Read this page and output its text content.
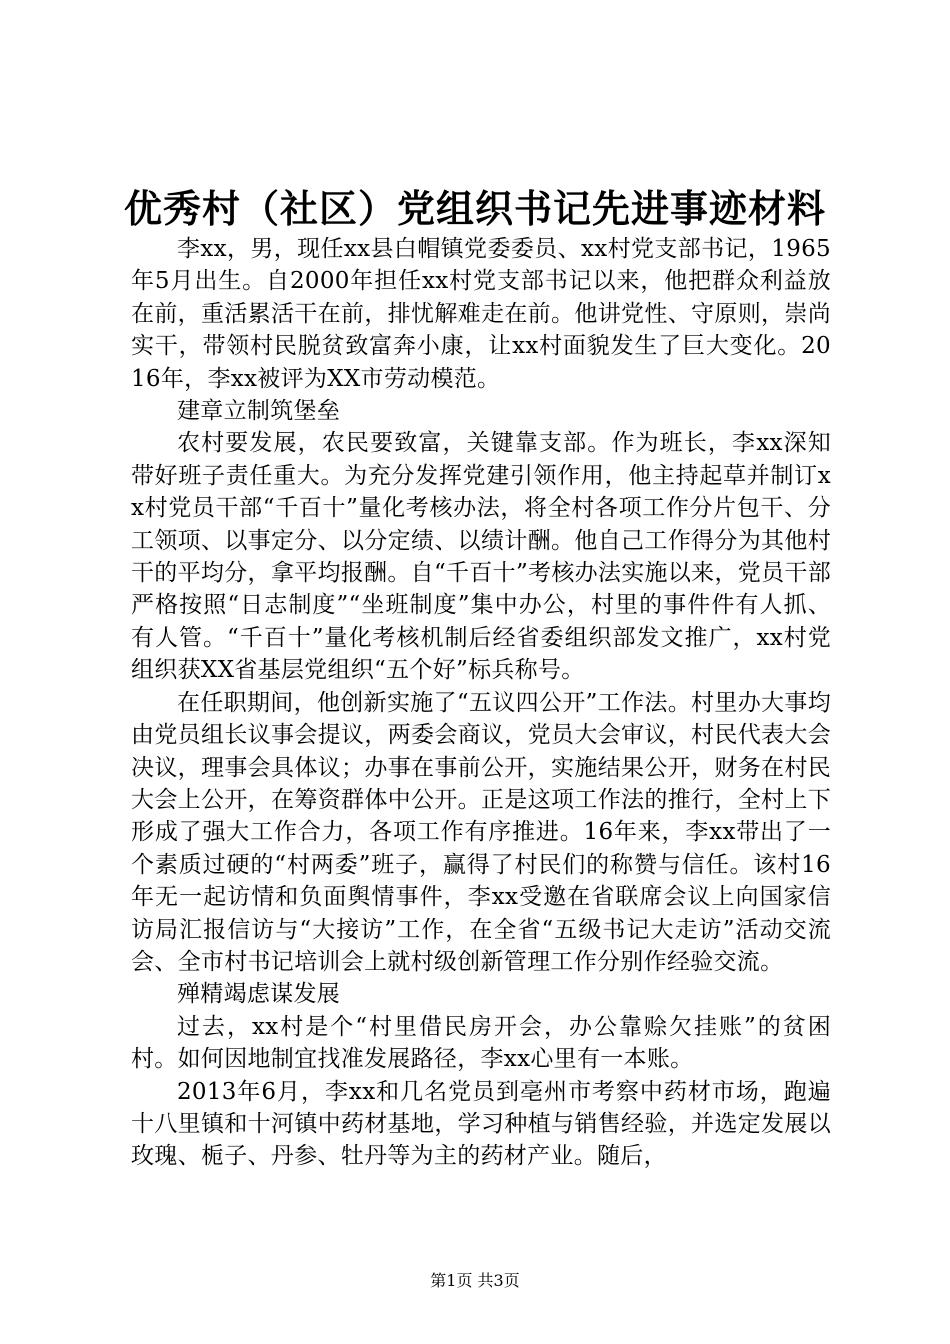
优秀村（社区）党组织书记先进事迹材料

李xx，男，现任xx县白帽镇党委委员、xx村党支部书记，1965年5月出生。自2000年担任xx村党支部书记以来，他把群众利益放在前，重活累活干在前，排忧解难走在前。他讲党性、守原则，崇尚实干，带领村民脱贫致富奔小康，让xx村面貌发生了巨大变化。2016年，李xx被评为XX市劳动模范。

建章立制筑堡垒

农村要发展，农民要致富，关键靠支部。作为班长，李xx深知带好班子责任重大。为充分发挥党建引领作用，他主持起草并制订xx村党员干部“千百十”量化考核办法，将全村各项工作分片包干、分工领项、以事定分、以分定绩、以绩计酬。他自己工作得分为其他村干的平均分，拿平均报酬。自“千百十”考核办法实施以来，党员干部严格按照“日志制度”“坐班制度”集中办公，村里的事件件有人抓、有人管。“千百十”量化考核机制后经省委组织部发文推广，xx村党组织获XX省基层党组织“五个好”标兵称号。

在任职期间，他创新实施了“五议四公开”工作法。村里办大事均由党员组长议事会提议，两委会商议，党员大会审议，村民代表大会决议，理事会具体议；办事在事前公开，实施结果公开，财务在村民大会上公开，在筹资群体中公开。正是这项工作法的推行，全村上下形成了强大工作合力，各项工作有序推进。16年来，李xx带出了一个素质过硬的“村两委”班子，赢得了村民们的称赞与信任。该村16年无一起访情和负面舆情事件，李xx受邀在省联席会议上向国家信访局汇报信访与“大接访”工作，在全省“五级书记大走访”活动交流会、全市村书记培训会上就村级创新管理工作分别作经验交流。

殚精竭虑谋发展

过去，xx村是个“村里借民房开会，办公靠赊欠挂账”的贫困村。如何因地制宜找准发展路径，李xx心里有一本账。

2013年6月，李xx和几名党员到亳州市考察中药材市场，跑遍十八里镇和十河镇中药材基地，学习种植与销售经验，并选定发展以玫瑰、栀子、丹参、牡丹等为主的药材产业。随后，

第1页 共3页
